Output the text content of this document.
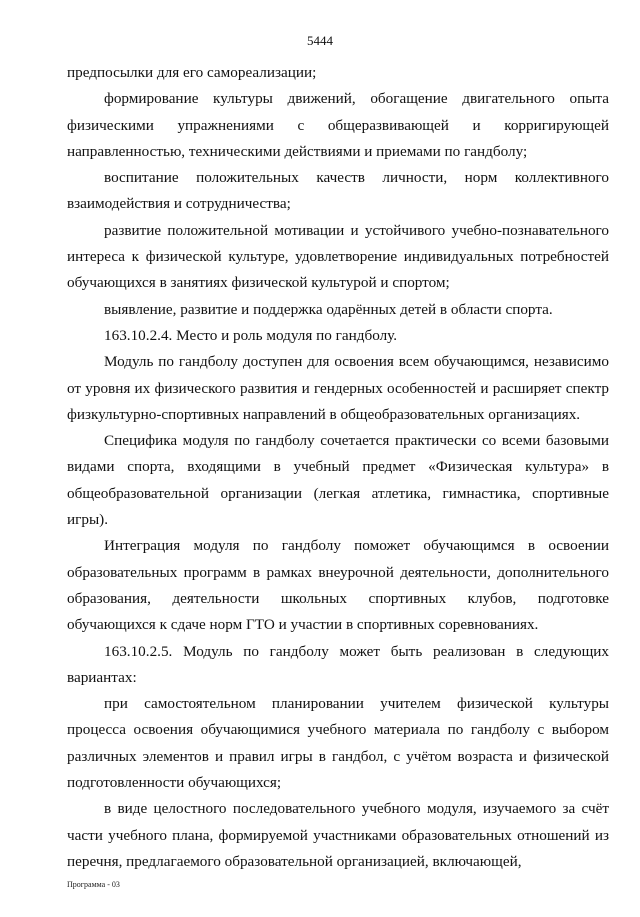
5444

предпосылки для его самореализации;

формирование культуры движений, обогащение двигательного опыта физическими упражнениями с общеразвивающей и корригирующей направленностью, техническими действиями и приемами по гандболу;

воспитание положительных качеств личности, норм коллективного взаимодействия и сотрудничества;

развитие положительной мотивации и устойчивого учебно-познавательного интереса к физической культуре, удовлетворение индивидуальных потребностей обучающихся в занятиях физической культурой и спортом;

выявление, развитие и поддержка одарённых детей в области спорта.

163.10.2.4. Место и роль модуля по гандболу.

Модуль по гандболу доступен для освоения всем обучающимся, независимо от уровня их физического развития и гендерных особенностей и расширяет спектр физкультурно-спортивных направлений в общеобразовательных организациях.

Специфика модуля по гандболу сочетается практически со всеми базовыми видами спорта, входящими в учебный предмет «Физическая культура» в общеобразовательной организации (легкая атлетика, гимнастика, спортивные игры).

Интеграция модуля по гандболу поможет обучающимся в освоении образовательных программ в рамках внеурочной деятельности, дополнительного образования, деятельности школьных спортивных клубов, подготовке обучающихся к сдаче норм ГТО и участии в спортивных соревнованиях.

163.10.2.5. Модуль по гандболу может быть реализован в следующих вариантах:

при самостоятельном планировании учителем физической культуры процесса освоения обучающимися учебного материала по гандболу с выбором различных элементов и правил игры в гандбол, с учётом возраста и физической подготовленности обучающихся;

в виде целостного последовательного учебного модуля, изучаемого за счёт части учебного плана, формируемой участниками образовательных отношений из перечня, предлагаемого образовательной организацией, включающей,

Программа - 03
